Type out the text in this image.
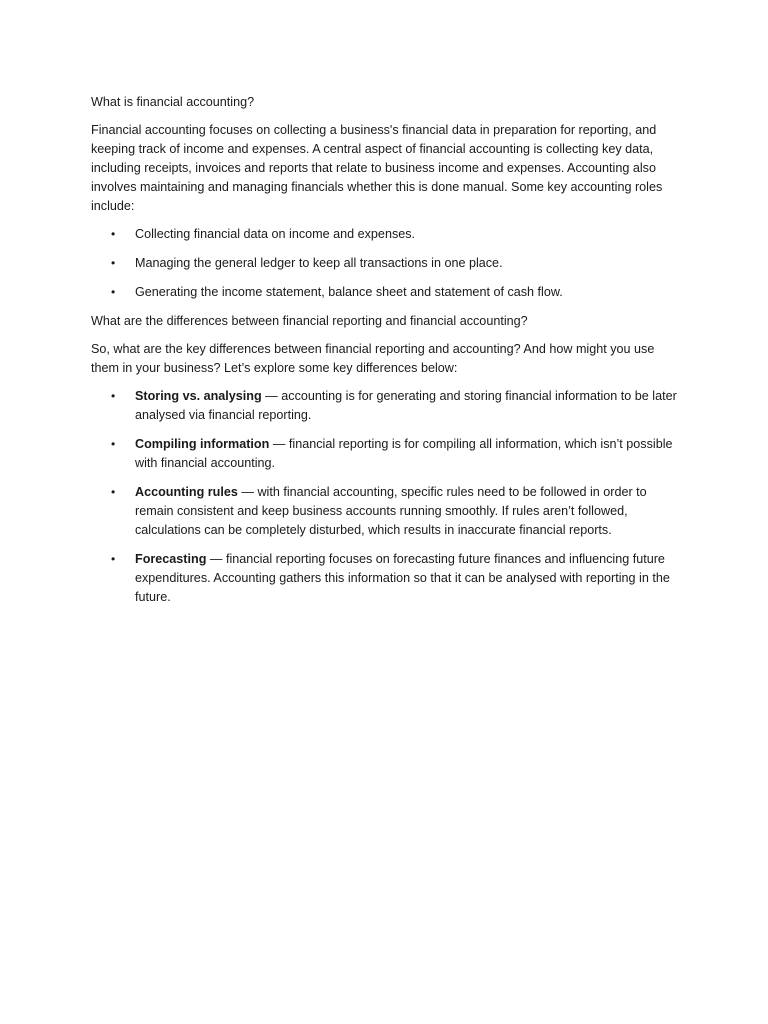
What is financial accounting?

Financial accounting focuses on collecting a business's financial data in preparation for reporting, and keeping track of income and expenses. A central aspect of financial accounting is collecting key data, including receipts, invoices and reports that relate to business income and expenses. Accounting also involves maintaining and managing financials whether this is done manual. Some key accounting roles include:

• Collecting financial data on income and expenses.
• Managing the general ledger to keep all transactions in one place.
• Generating the income statement, balance sheet and statement of cash flow.

What are the differences between financial reporting and financial accounting?

So, what are the key differences between financial reporting and accounting? And how might you use them in your business? Let’s explore some key differences below:

• Storing vs. analysing — accounting is for generating and storing financial information to be later analysed via financial reporting.
• Compiling information — financial reporting is for compiling all information, which isn’t possible with financial accounting.
• Accounting rules — with financial accounting, specific rules need to be followed in order to remain consistent and keep business accounts running smoothly. If rules aren’t followed, calculations can be completely disturbed, which results in inaccurate financial reports.
• Forecasting — financial reporting focuses on forecasting future finances and influencing future expenditures. Accounting gathers this information so that it can be analysed with reporting in the future.
